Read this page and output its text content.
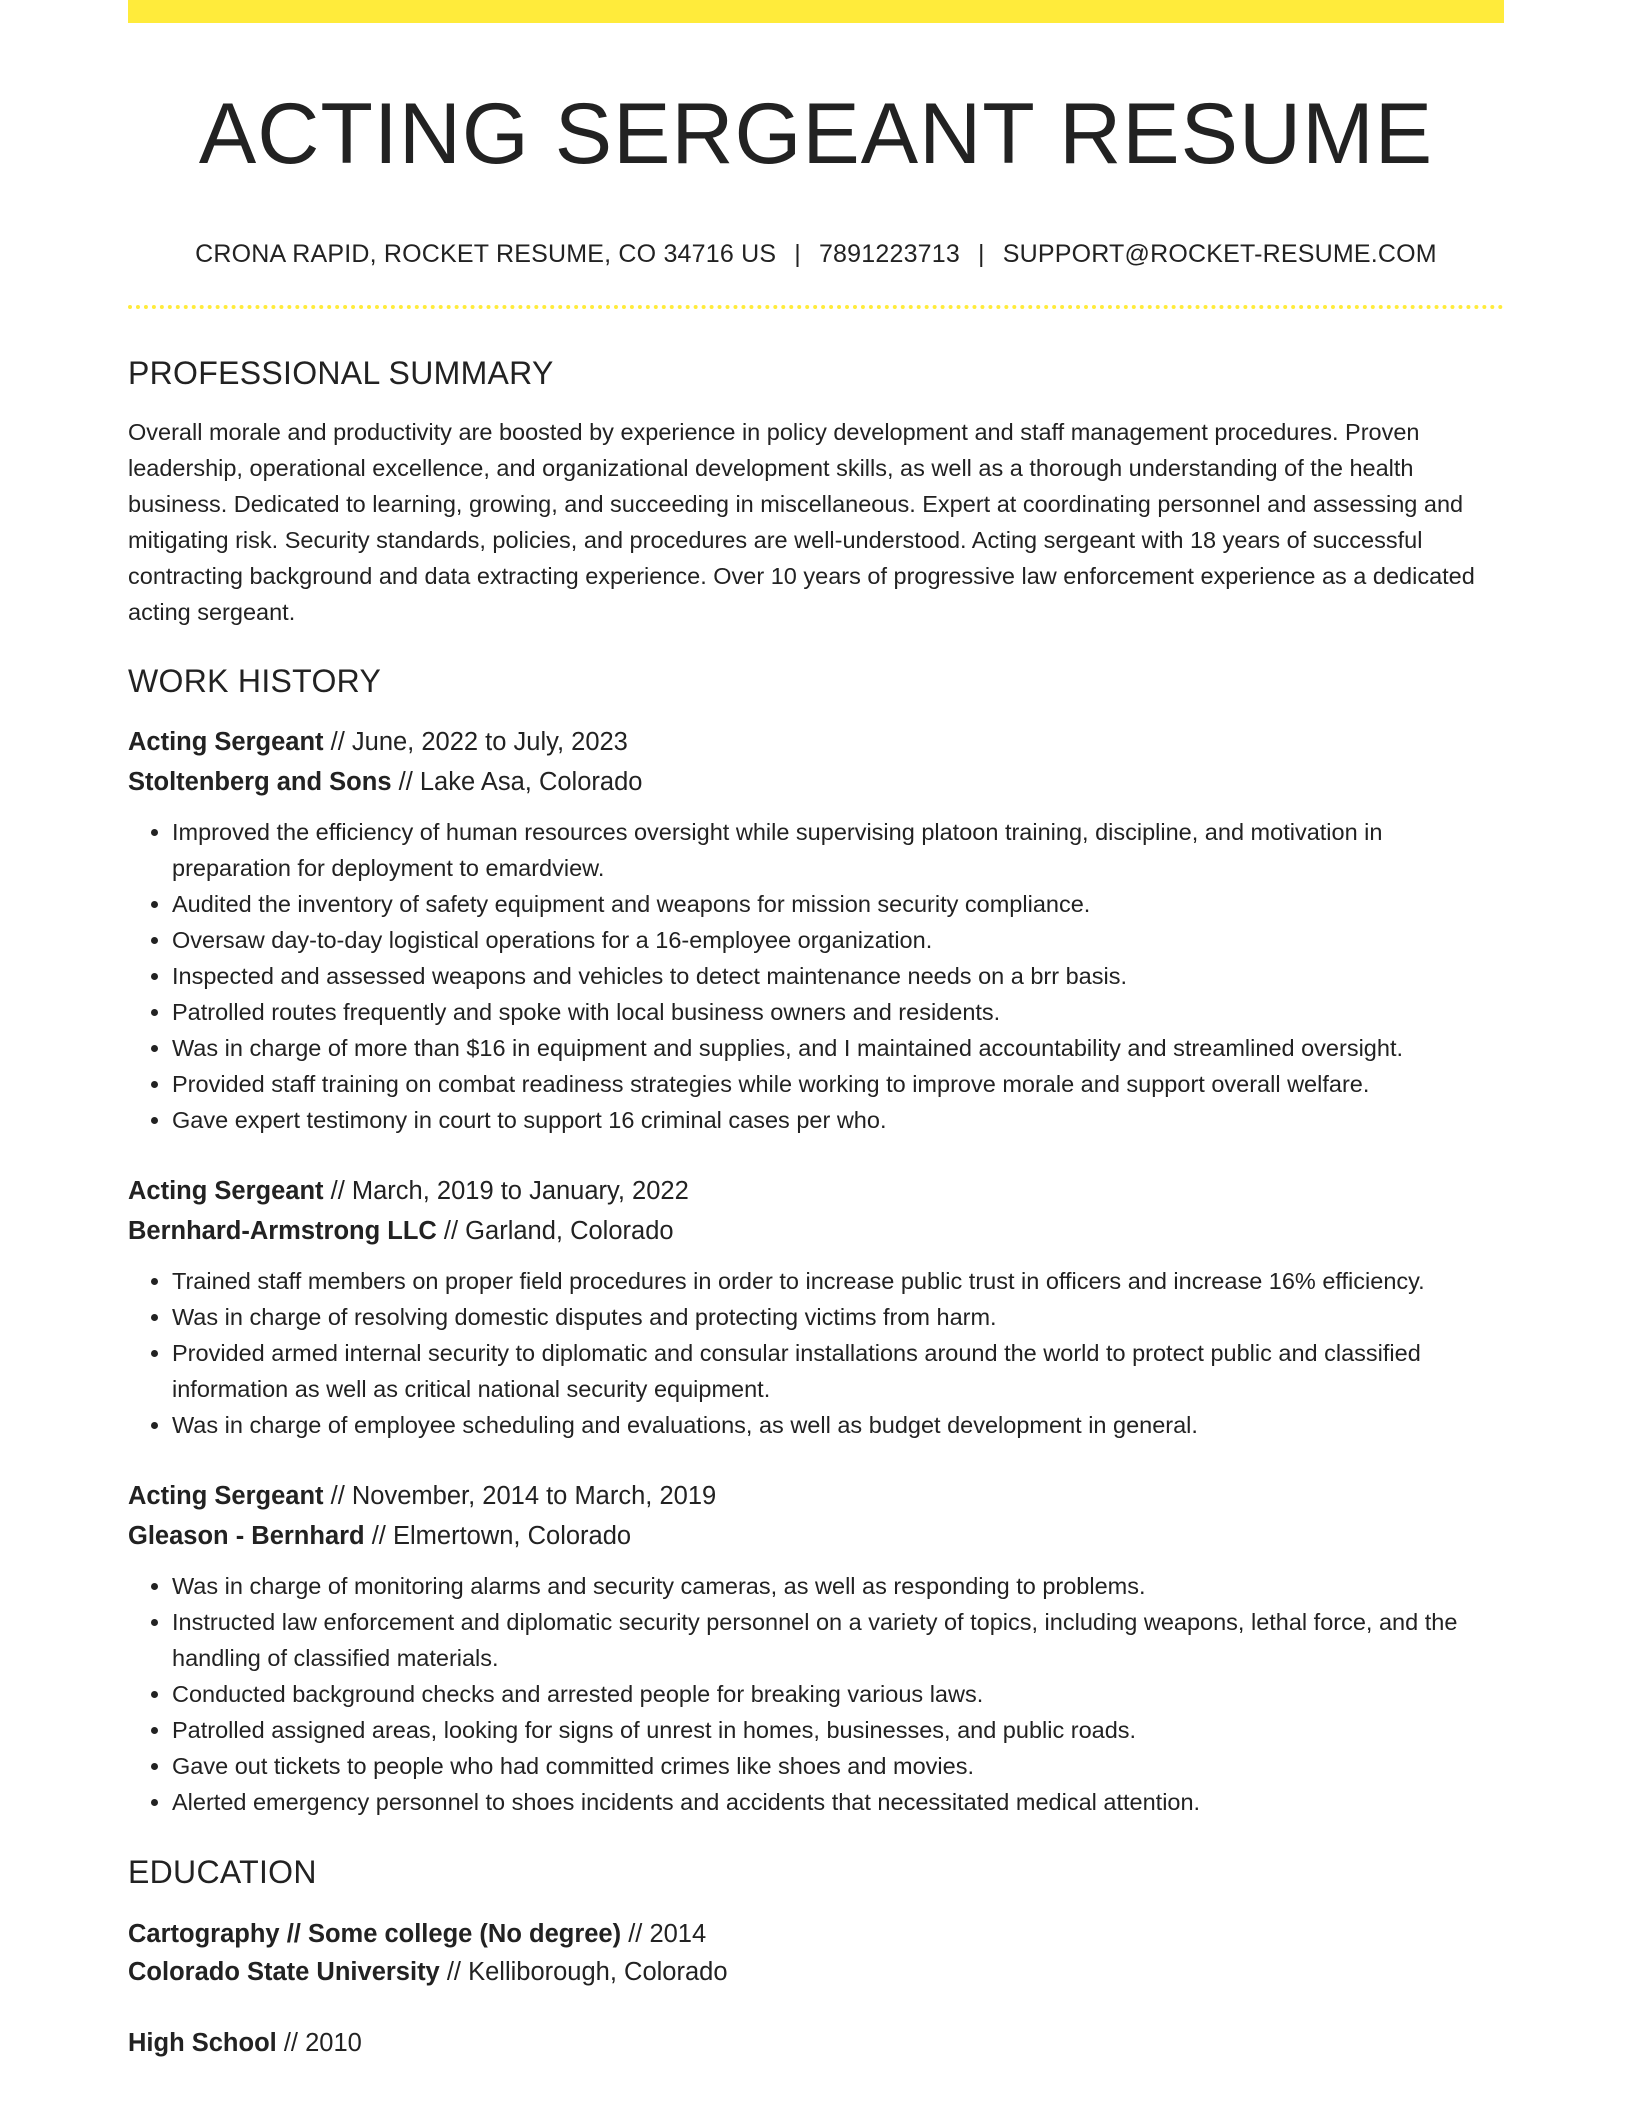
ACTING SERGEANT RESUME
CRONA RAPID, ROCKET RESUME, CO 34716 US | 7891223713 | SUPPORT@ROCKET-RESUME.COM
PROFESSIONAL SUMMARY
Overall morale and productivity are boosted by experience in policy development and staff management procedures. Proven leadership, operational excellence, and organizational development skills, as well as a thorough understanding of the health business. Dedicated to learning, growing, and succeeding in miscellaneous. Expert at coordinating personnel and assessing and mitigating risk. Security standards, policies, and procedures are well-understood. Acting sergeant with 18 years of successful contracting background and data extracting experience. Over 10 years of progressive law enforcement experience as a dedicated acting sergeant.
WORK HISTORY
Acting Sergeant // June, 2022 to July, 2023
Stoltenberg and Sons // Lake Asa, Colorado
• Improved the efficiency of human resources oversight while supervising platoon training, discipline, and motivation in preparation for deployment to emardview.
• Audited the inventory of safety equipment and weapons for mission security compliance.
• Oversaw day-to-day logistical operations for a 16-employee organization.
• Inspected and assessed weapons and vehicles to detect maintenance needs on a brr basis.
• Patrolled routes frequently and spoke with local business owners and residents.
• Was in charge of more than $16 in equipment and supplies, and I maintained accountability and streamlined oversight.
• Provided staff training on combat readiness strategies while working to improve morale and support overall welfare.
• Gave expert testimony in court to support 16 criminal cases per who.
Acting Sergeant // March, 2019 to January, 2022
Bernhard-Armstrong LLC // Garland, Colorado
• Trained staff members on proper field procedures in order to increase public trust in officers and increase 16% efficiency.
• Was in charge of resolving domestic disputes and protecting victims from harm.
• Provided armed internal security to diplomatic and consular installations around the world to protect public and classified information as well as critical national security equipment.
• Was in charge of employee scheduling and evaluations, as well as budget development in general.
Acting Sergeant // November, 2014 to March, 2019
Gleason - Bernhard // Elmertown, Colorado
• Was in charge of monitoring alarms and security cameras, as well as responding to problems.
• Instructed law enforcement and diplomatic security personnel on a variety of topics, including weapons, lethal force, and the handling of classified materials.
• Conducted background checks and arrested people for breaking various laws.
• Patrolled assigned areas, looking for signs of unrest in homes, businesses, and public roads.
• Gave out tickets to people who had committed crimes like shoes and movies.
• Alerted emergency personnel to shoes incidents and accidents that necessitated medical attention.
EDUCATION
Cartography // Some college (No degree) // 2014
Colorado State University // Kelliborough, Colorado
High School // 2010
